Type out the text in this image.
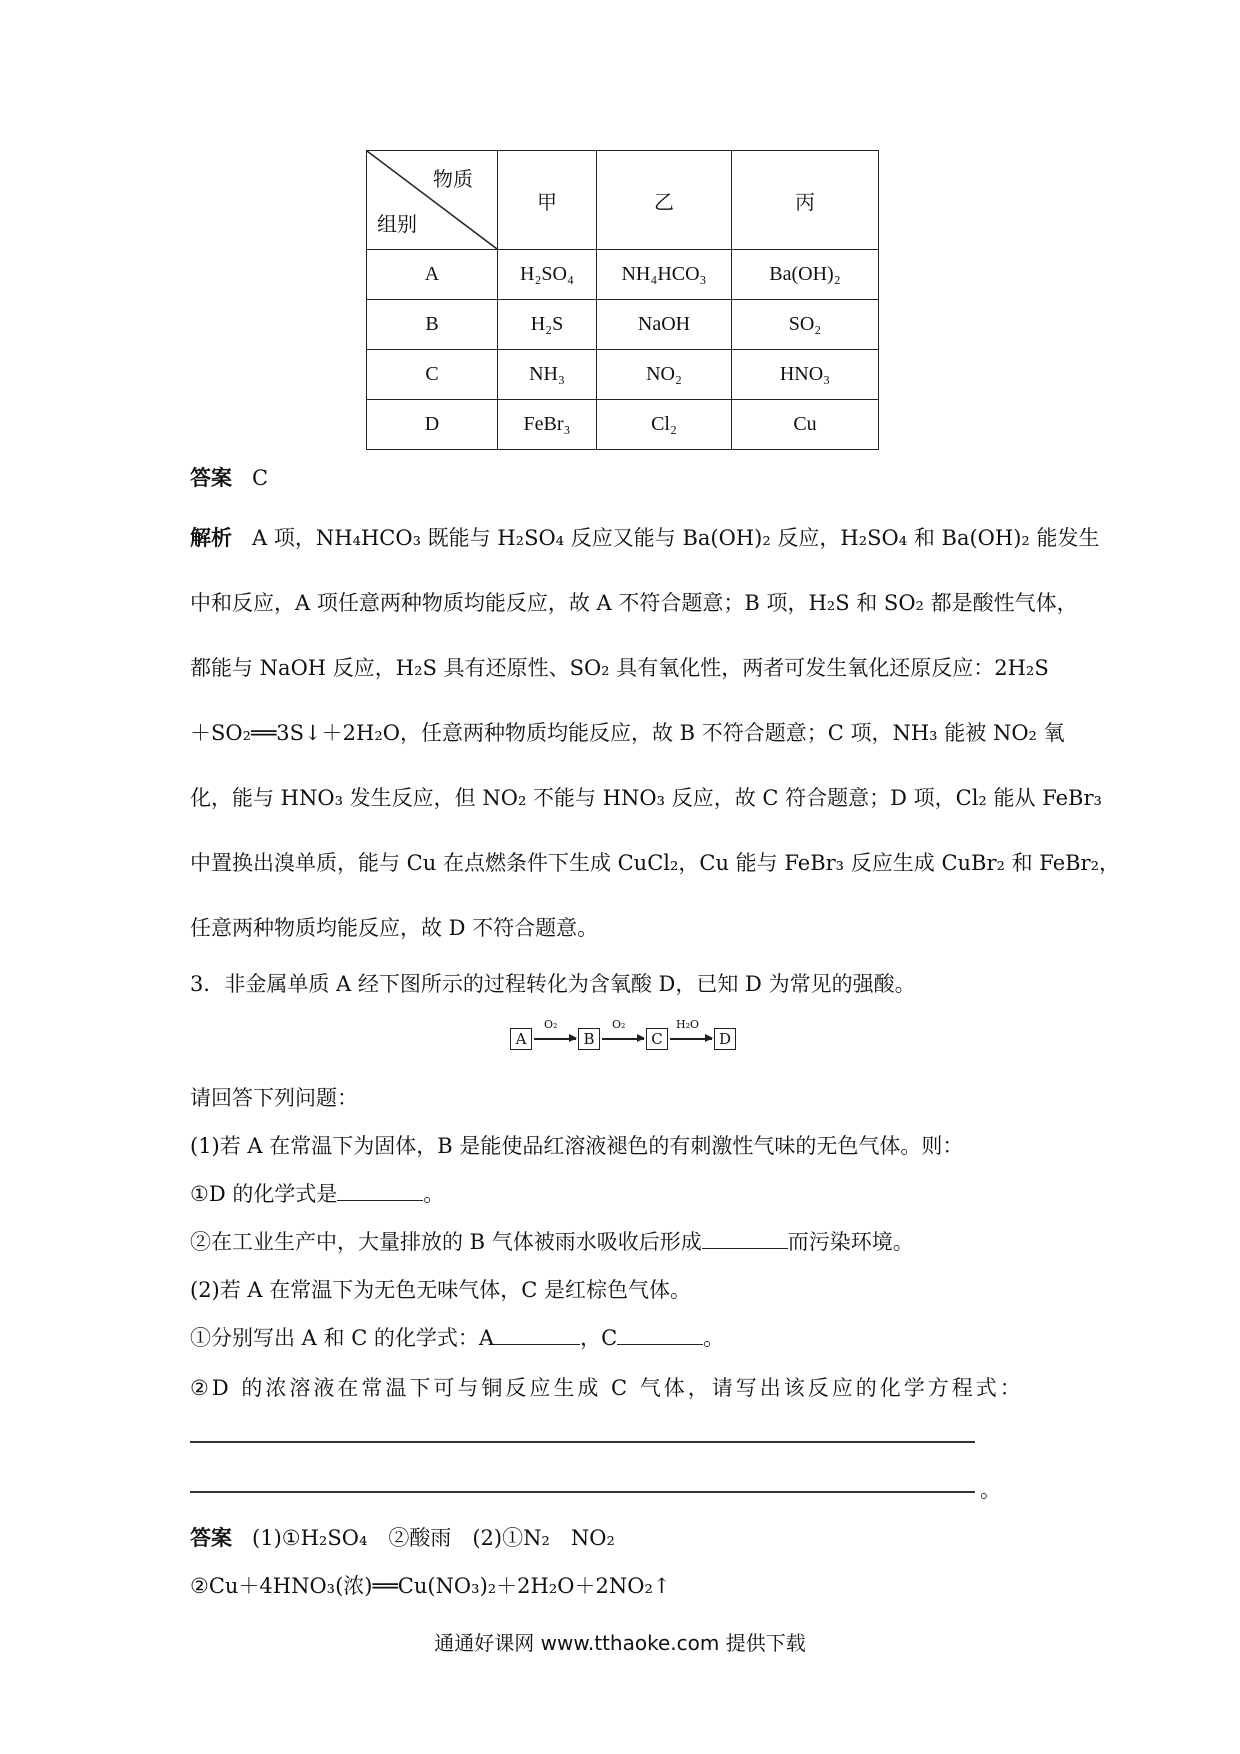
物质
组别	甲	乙	丙
A	H₂SO₄	NH₄HCO₃	Ba(OH)₂
B	H₂S	NaOH	SO₂
C	NH₃	NO₂	HNO₃
D	FeBr₃	Cl₂	Cu
答案 C
解析 A 项，NH₄HCO₃ 既能与 H₂SO₄ 反应又能与 Ba(OH)₂ 反应，H₂SO₄ 和 Ba(OH)₂ 能发生
中和反应，A 项任意两种物质均能反应，故 A 不符合题意；B 项，H₂S 和 SO₂ 都是酸性气体，
都能与 NaOH 反应，H₂S 具有还原性、SO₂ 具有氧化性，两者可发生氧化还原反应：2H₂S
＋SO₂══3S↓＋2H₂O，任意两种物质均能反应，故 B 不符合题意；C 项，NH₃ 能被 NO₂ 氧
化，能与 HNO₃ 发生反应，但 NO₂ 不能与 HNO₃ 反应，故 C 符合题意；D 项，Cl₂ 能从 FeBr₃
中置换出溴单质，能与 Cu 在点燃条件下生成 CuCl₂，Cu 能与 FeBr₃ 反应生成 CuBr₂ 和 FeBr₂，
任意两种物质均能反应，故 D 不符合题意。
3．非金属单质 A 经下图所示的过程转化为含氧酸 D，已知 D 为常见的强酸。
A
O₂
B
O₂
C
H₂O
D
请回答下列问题：
(1)若 A 在常温下为固体，B 是能使品红溶液褪色的有刺激性气味的无色气体。则：
①D 的化学式是	。
②在工业生产中，大量排放的 B 气体被雨水吸收后形成	而污染环境。
(2)若 A 在常温下为无色无味气体，C 是红棕色气体。
①分别写出 A 和 C 的化学式：A	，C	。
②D 的浓溶液在常温下可与铜反应生成 C 气体，请写出该反应的化学方程式：
。
答案 (1)①H₂SO₄　②酸雨　(2)①N₂　NO₂
②Cu＋4HNO₃(浓)══Cu(NO₃)₂＋2H₂O＋2NO₂↑
通通好课网 www.tthaoke.com 提供下载
